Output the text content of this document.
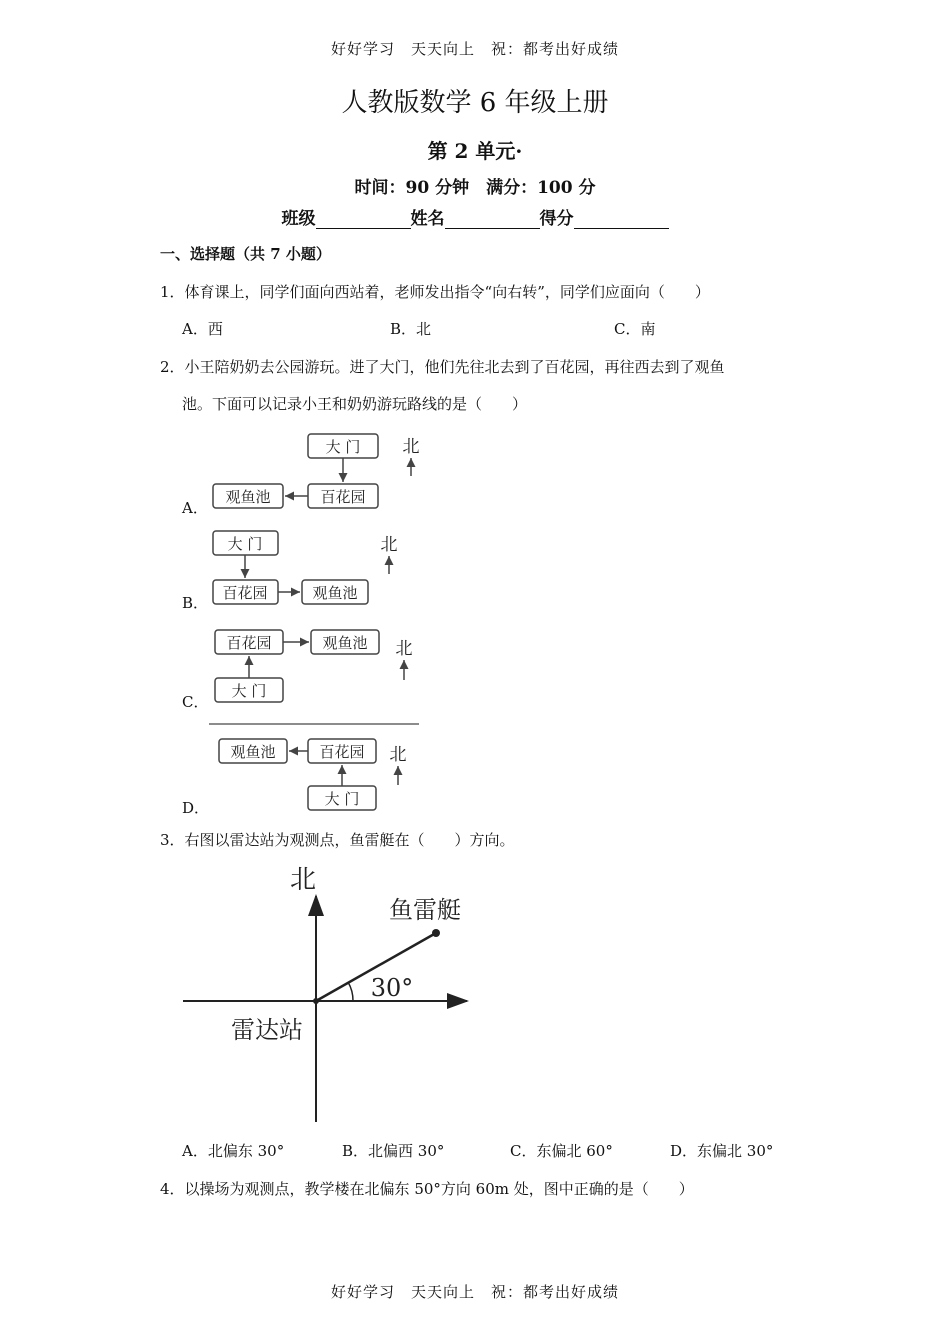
好好学习　天天向上　祝：都考出好成绩
人教版数学 6 年级上册
第 2 单元·
时间：90 分钟　满分：100 分
班级	姓名	得分
一、选择题（共 7 小题）
1．体育课上，同学们面向西站着，老师发出指令“向右转”，同学们应面向（　　）
A．西	B．北	C．南
2．小王陪奶奶去公园游玩。进了大门，他们先往北去到了百花园，再往西去到了观鱼
池。下面可以记录小王和奶奶游玩路线的是（　　）
A．
B．
C．
D．
大 门
百花园
观鱼池
北
大 门
百花园	观鱼池
北
百花园	观鱼池
大 门
北
观鱼池	百花园
大 门
北
3．右图以雷达站为观测点，鱼雷艇在（　　）方向。
北
鱼雷艇
雷达站
30°
A．北偏东 30°	B．北偏西 30°	C．东偏北 60°	D．东偏北 30°
4．以操场为观测点，教学楼在北偏东 50°方向 60m 处，图中正确的是（　　）
好好学习　天天向上　祝：都考出好成绩
